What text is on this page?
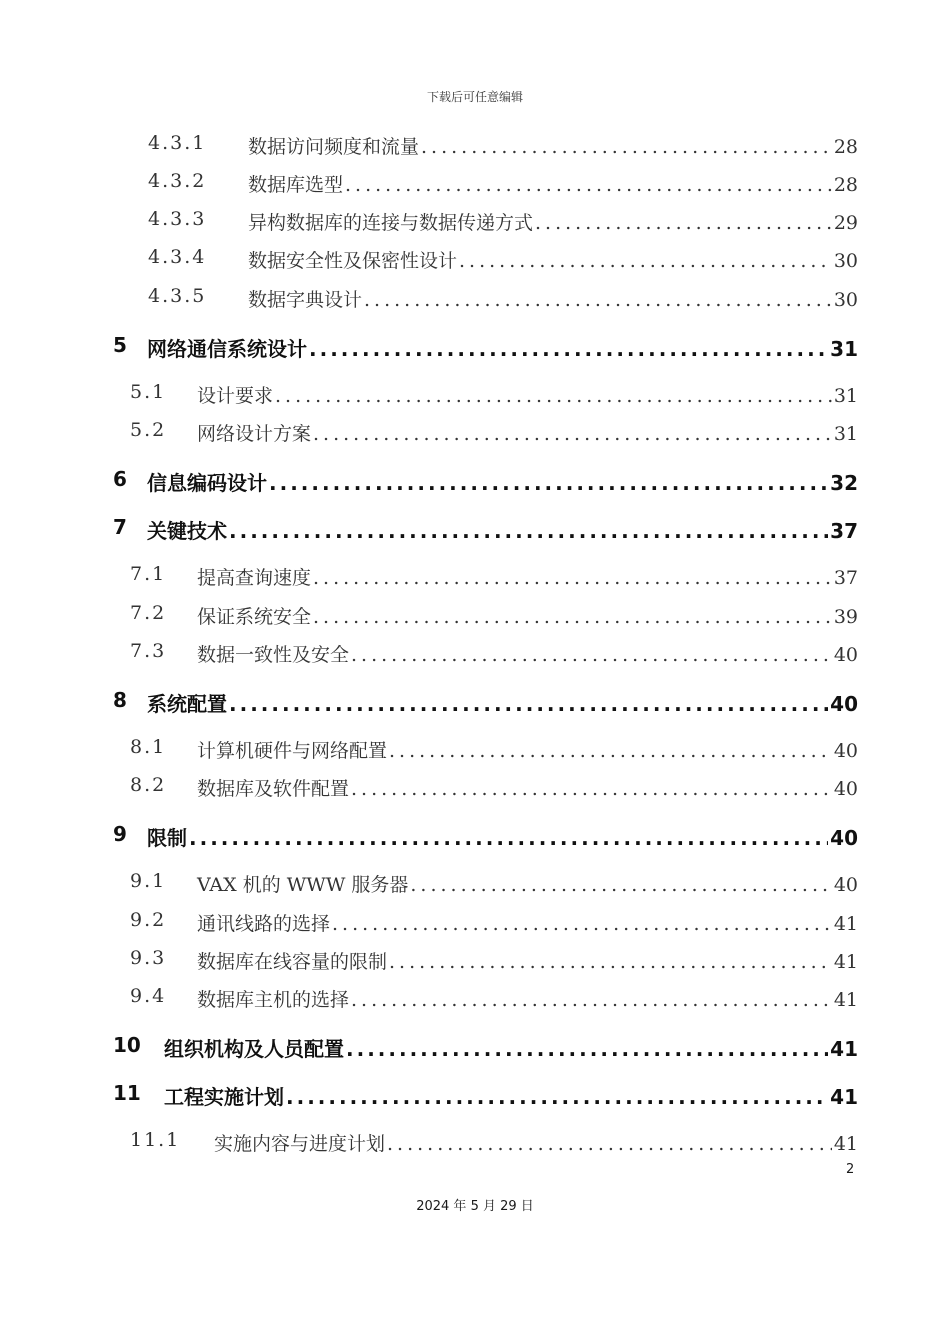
下载后可任意编辑
4.3.1 数据访问频度和流量 .....	28
4.3.2 数据库选型 .....	28
4.3.3 异构数据库的连接与数据传递方式 .....	29
4.3.4 数据安全性及保密性设计 .....	30
4.3.5 数据字典设计 .....	30
5 网络通信系统设计 .....	31
5.1 设计要求 .....	31
5.2 网络设计方案 .....	31
6 信息编码设计 .....	32
7 关键技术 .....	37
7.1 提高查询速度 .....	37
7.2 保证系统安全 .....	39
7.3 数据一致性及安全 .....	40
8 系统配置 .....	40
8.1 计算机硬件与网络配置 .....	40
8.2 数据库及软件配置 .....	40
9 限制 .....	40
9.1 VAX 机的 WWW 服务器 .....	40
9.2 通讯线路的选择 .....	41
9.3 数据库在线容量的限制 .....	41
9.4 数据库主机的选择 .....	41
10 组织机构及人员配置 .....	41
11 工程实施计划 .....	41
11.1 实施内容与进度计划 .....	41
2
2024 年 5 月 29 日
